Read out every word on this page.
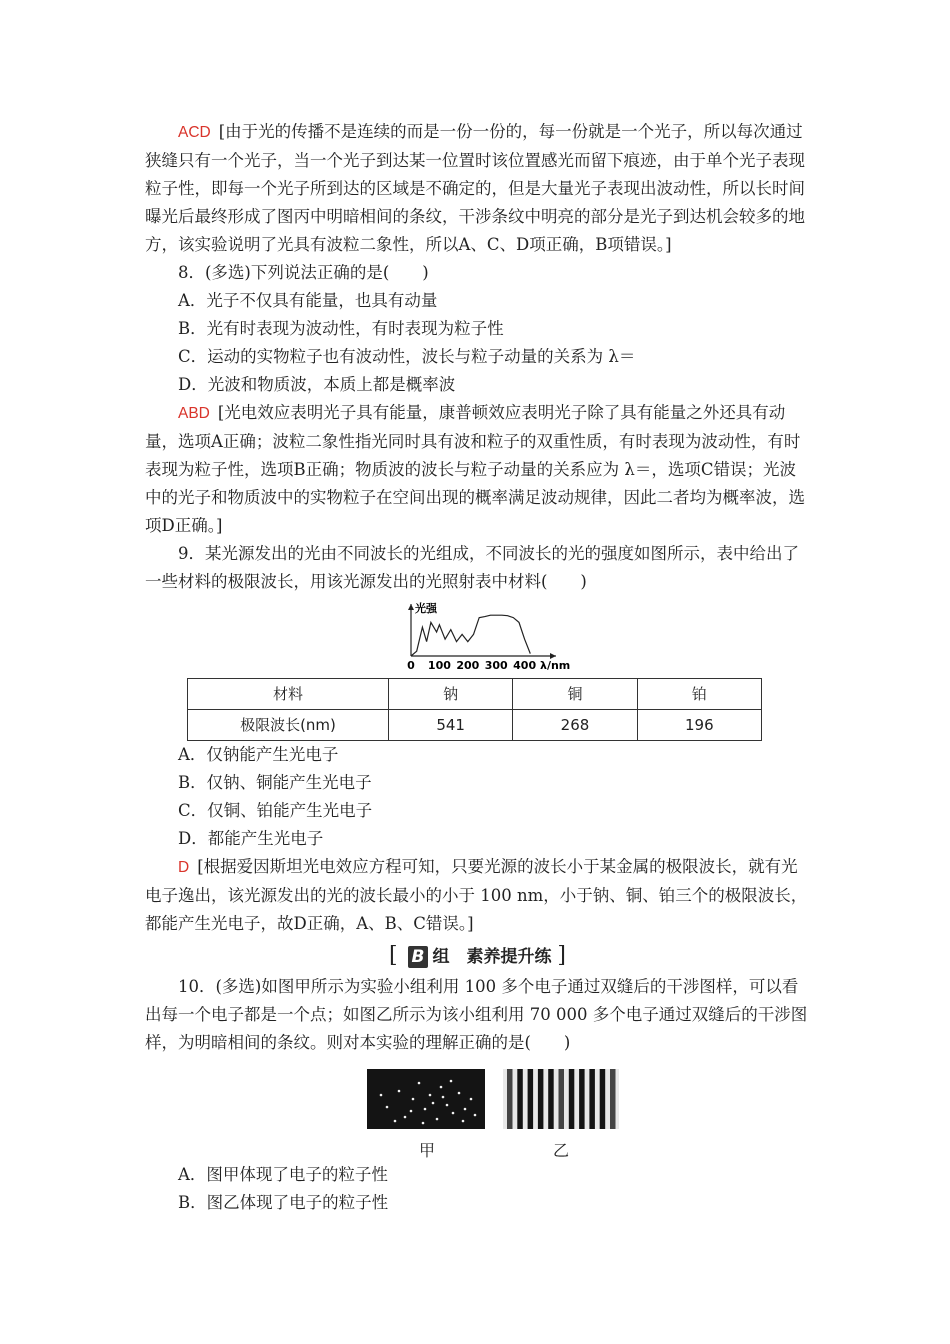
ACD [由于光的传播不是连续的而是一份一份的，每一份就是一个光子，所以每次通过狭缝只有一个光子，当一个光子到达某一位置时该位置感光而留下痕迹，由于单个光子表现粒子性，即每一个光子所到达的区域是不确定的，但是大量光子表现出波动性，所以长时间曝光后最终形成了图丙中明暗相间的条纹，干涉条纹中明亮的部分是光子到达机会较多的地方，该实验说明了光具有波粒二象性，所以A、C、D项正确，B项错误。]

8．(多选)下列说法正确的是(　　)

A．光子不仅具有能量，也具有动量

B．光有时表现为波动性，有时表现为粒子性

C．运动的实物粒子也有波动性，波长与粒子动量的关系为 λ＝

D．光波和物质波，本质上都是概率波

ABD [光电效应表明光子具有能量，康普顿效应表明光子除了具有能量之外还具有动量，选项A正确；波粒二象性指光同时具有波和粒子的双重性质，有时表现为波动性，有时表现为粒子性，选项B正确；物质波的波长与粒子动量的关系应为 λ＝，选项C错误；光波中的光子和物质波中的实物粒子在空间出现的概率满足波动规律，因此二者均为概率波，选项D正确。]

9．某光源发出的光由不同波长的光组成，不同波长的光的强度如图所示，表中给出了一些材料的极限波长，用该光源发出的光照射表中材料(　　)

0 100 200 300 400
光强
λ/nm
材料	钠	铜	铂
极限波长(nm)	541	268	196

A．仅钠能产生光电子

B．仅钠、铜能产生光电子

C．仅铜、铂能产生光电子

D．都能产生光电子

D [根据爱因斯坦光电效应方程可知，只要光源的波长小于某金属的极限波长，就有光电子逸出，该光源发出的光的波长最小的小于 100 nm，小于钠、铜、铂三个的极限波长，都能产生光电子，故D正确，A、B、C错误。]

[ B 组　素养提升练 ]

10．(多选)如图甲所示为实验小组利用 100 多个电子通过双缝后的干涉图样，可以看出每一个电子都是一个点；如图乙所示为该小组利用 70 000 多个电子通过双缝后的干涉图样，为明暗相间的条纹。则对本实验的理解正确的是(　　)

甲	乙

A．图甲体现了电子的粒子性

B．图乙体现了电子的粒子性
